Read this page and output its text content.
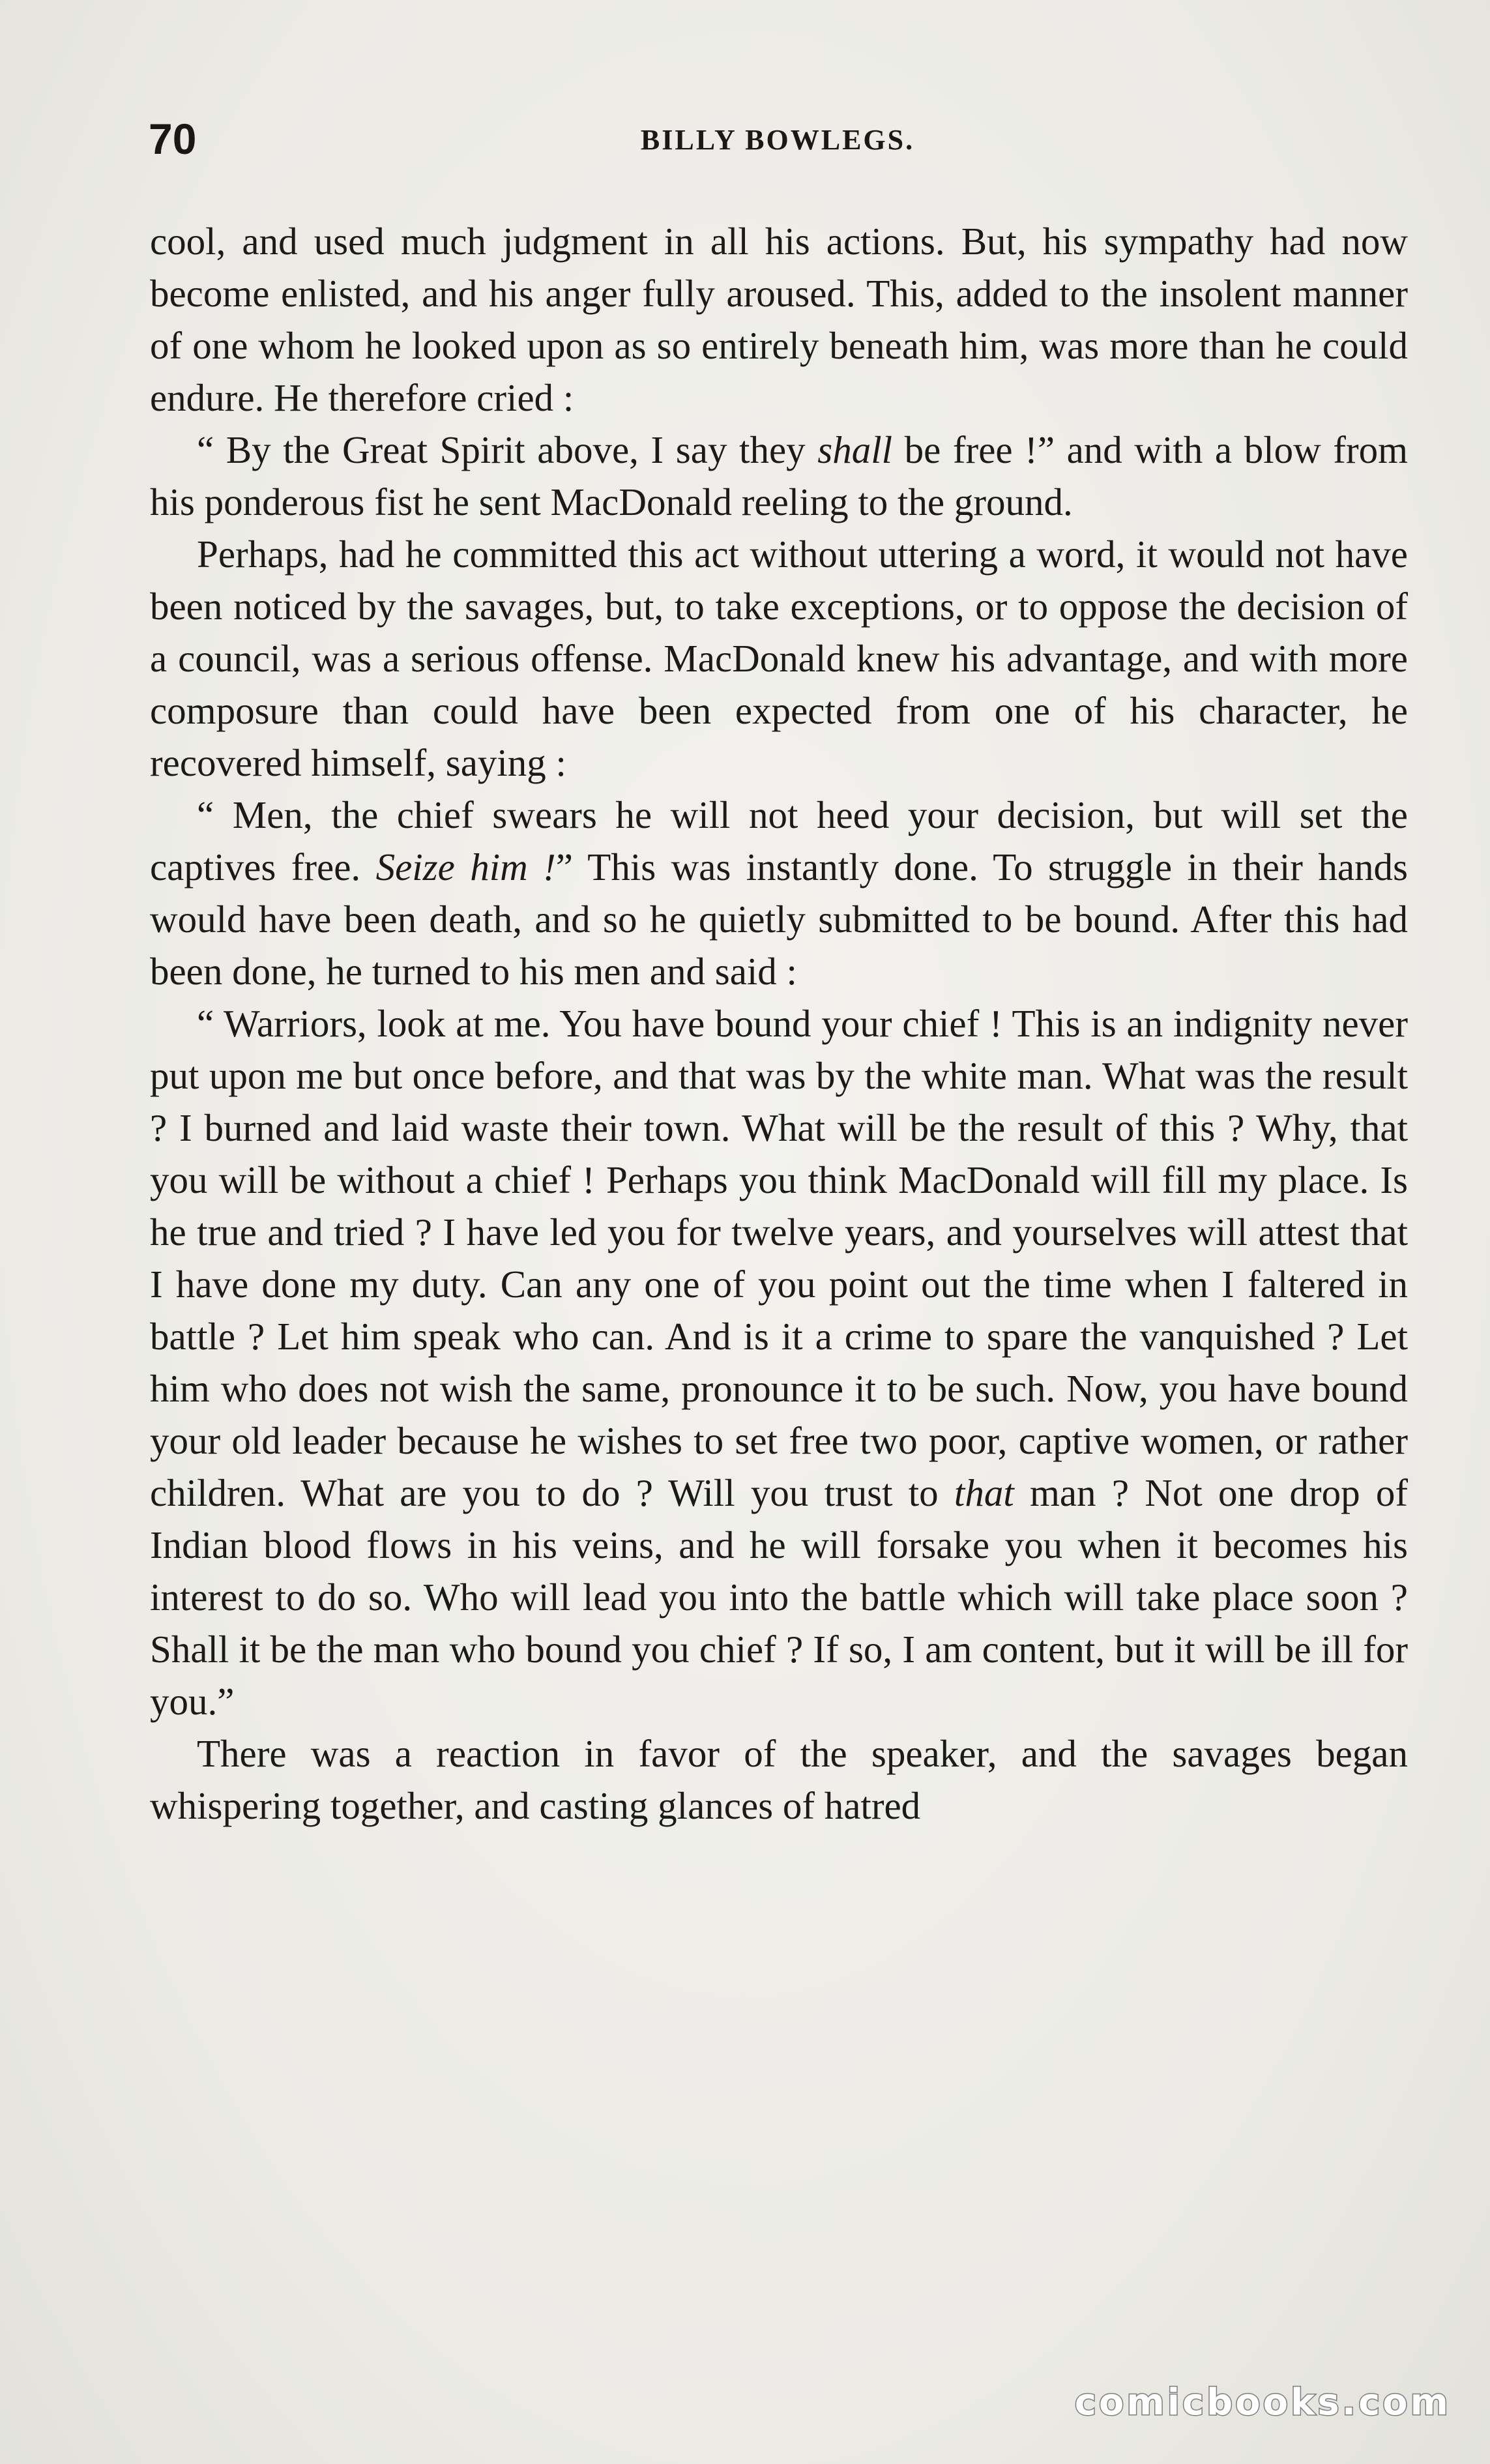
70	BILLY BOWLEGS.

cool, and used much judgment in all his actions. But, his sympathy had now become enlisted, and his anger fully aroused. This, added to the insolent manner of one whom he looked upon as so entirely beneath him, was more than he could endure. He therefore cried :

“ By the Great Spirit above, I say they shall be free !” and with a blow from his ponderous fist he sent MacDonald reeling to the ground.

Perhaps, had he committed this act without uttering a word, it would not have been noticed by the savages, but, to take exceptions, or to oppose the decision of a council, was a serious offense. MacDonald knew his advantage, and with more composure than could have been expected from one of his character, he recovered himself, saying :

“ Men, the chief swears he will not heed your decision, but will set the captives free. Seize him !” This was instantly done. To struggle in their hands would have been death, and so he quietly submitted to be bound. After this had been done, he turned to his men and said :

“ Warriors, look at me. You have bound your chief ! This is an indignity never put upon me but once before, and that was by the white man. What was the result ? I burned and laid waste their town. What will be the result of this ? Why, that you will be without a chief ! Perhaps you think MacDonald will fill my place. Is he true and tried ? I have led you for twelve years, and yourselves will attest that I have done my duty. Can any one of you point out the time when I faltered in battle ? Let him speak who can. And is it a crime to spare the vanquished ? Let him who does not wish the same, pronounce it to be such. Now, you have bound your old leader because he wishes to set free two poor, captive women, or rather children. What are you to do ? Will you trust to that man ? Not one drop of Indian blood flows in his veins, and he will forsake you when it becomes his interest to do so. Who will lead you into the battle which will take place soon ? Shall it be the man who bound you chief ? If so, I am content, but it will be ill for you.”

There was a reaction in favor of the speaker, and the savages began whispering together, and casting glances of hatred

comicbooks.com
